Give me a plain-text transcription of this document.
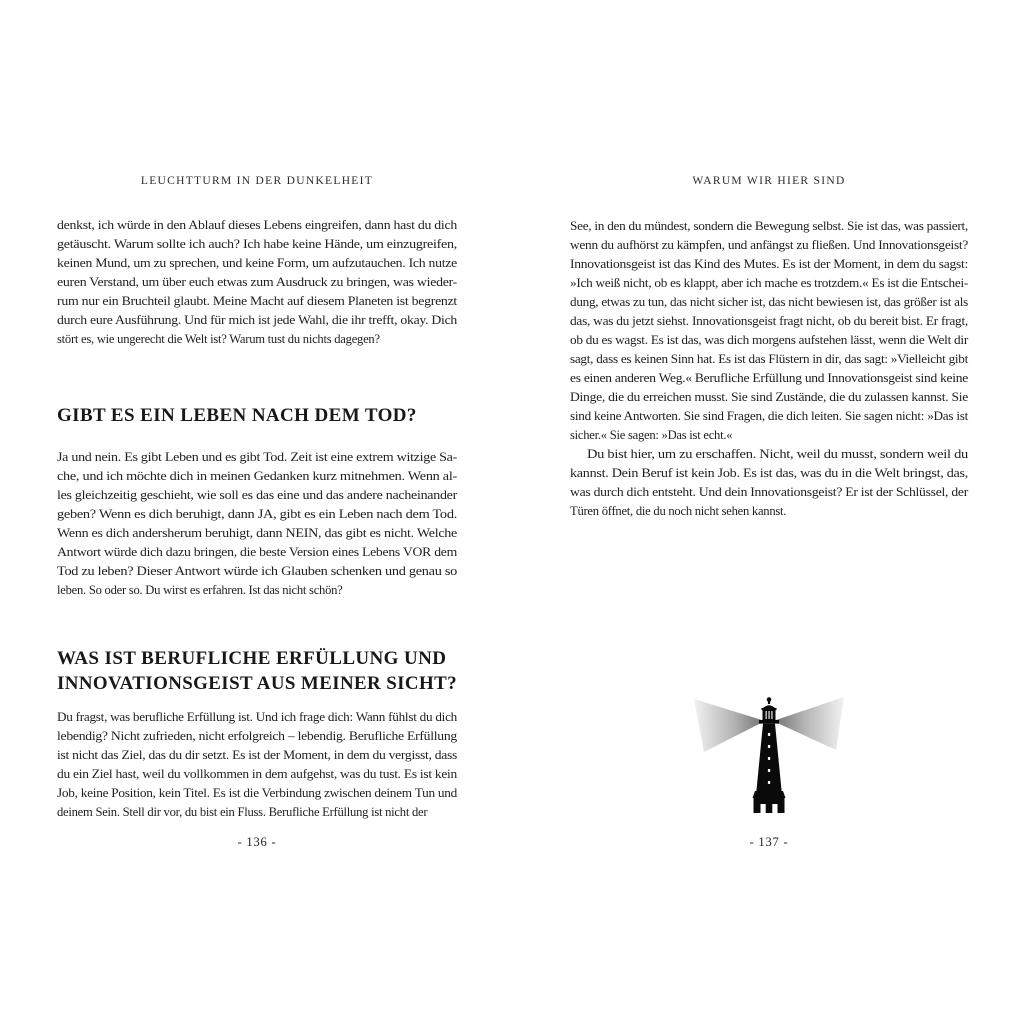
LEUCHTTURM IN DER DUNKELHEIT
denkst, ich würde in den Ablauf dieses Lebens eingreifen, dann hast du dich
getäuscht. Warum sollte ich auch? Ich habe keine Hände, um einzugreifen,
keinen Mund, um zu sprechen, und keine Form, um aufzutauchen. Ich nutze
euren Verstand, um über euch etwas zum Ausdruck zu bringen, was wieder-
rum nur ein Bruchteil glaubt. Meine Macht auf diesem Planeten ist begrenzt
durch eure Ausführung. Und für mich ist jede Wahl, die ihr trefft, okay. Dich
stört es, wie ungerecht die Welt ist? Warum tust du nichts dagegen?
GIBT ES EIN LEBEN NACH DEM TOD?
Ja und nein. Es gibt Leben und es gibt Tod. Zeit ist eine extrem witzige Sa-
che, und ich möchte dich in meinen Gedanken kurz mitnehmen. Wenn al-
les gleichzeitig geschieht, wie soll es das eine und das andere nacheinander
geben? Wenn es dich beruhigt, dann JA, gibt es ein Leben nach dem Tod.
Wenn es dich andersherum beruhigt, dann NEIN, das gibt es nicht. Welche
Antwort würde dich dazu bringen, die beste Version eines Lebens VOR dem
Tod zu leben? Dieser Antwort würde ich Glauben schenken und genau so
leben. So oder so. Du wirst es erfahren. Ist das nicht schön?
WAS IST BERUFLICHE ERFÜLLUNG UND
INNOVATIONSGEIST AUS MEINER SICHT?
Du fragst, was berufliche Erfüllung ist. Und ich frage dich: Wann fühlst du dich
lebendig? Nicht zufrieden, nicht erfolgreich – lebendig. Berufliche Erfüllung
ist nicht das Ziel, das du dir setzt. Es ist der Moment, in dem du vergisst, dass
du ein Ziel hast, weil du vollkommen in dem aufgehst, was du tust. Es ist kein
Job, keine Position, kein Titel. Es ist die Verbindung zwischen deinem Tun und
deinem Sein. Stell dir vor, du bist ein Fluss. Berufliche Erfüllung ist nicht der
- 136 -
WARUM WIR HIER SIND
See, in den du mündest, sondern die Bewegung selbst. Sie ist das, was passiert,
wenn du aufhörst zu kämpfen, und anfängst zu fließen. Und Innovationsgeist?
Innovationsgeist ist das Kind des Mutes. Es ist der Moment, in dem du sagst:
»Ich weiß nicht, ob es klappt, aber ich mache es trotzdem.« Es ist die Entschei-
dung, etwas zu tun, das nicht sicher ist, das nicht bewiesen ist, das größer ist als
das, was du jetzt siehst. Innovationsgeist fragt nicht, ob du bereit bist. Er fragt,
ob du es wagst. Es ist das, was dich morgens aufstehen lässt, wenn die Welt dir
sagt, dass es keinen Sinn hat. Es ist das Flüstern in dir, das sagt: »Vielleicht gibt
es einen anderen Weg.« Berufliche Erfüllung und Innovationsgeist sind keine
Dinge, die du erreichen musst. Sie sind Zustände, die du zulassen kannst. Sie
sind keine Antworten. Sie sind Fragen, die dich leiten. Sie sagen nicht: »Das ist
sicher.« Sie sagen: »Das ist echt.«
Du bist hier, um zu erschaffen. Nicht, weil du musst, sondern weil du
kannst. Dein Beruf ist kein Job. Es ist das, was du in die Welt bringst, das,
was durch dich entsteht. Und dein Innovationsgeist? Er ist der Schlüssel, der
Türen öffnet, die du noch nicht sehen kannst.
- 137 -
